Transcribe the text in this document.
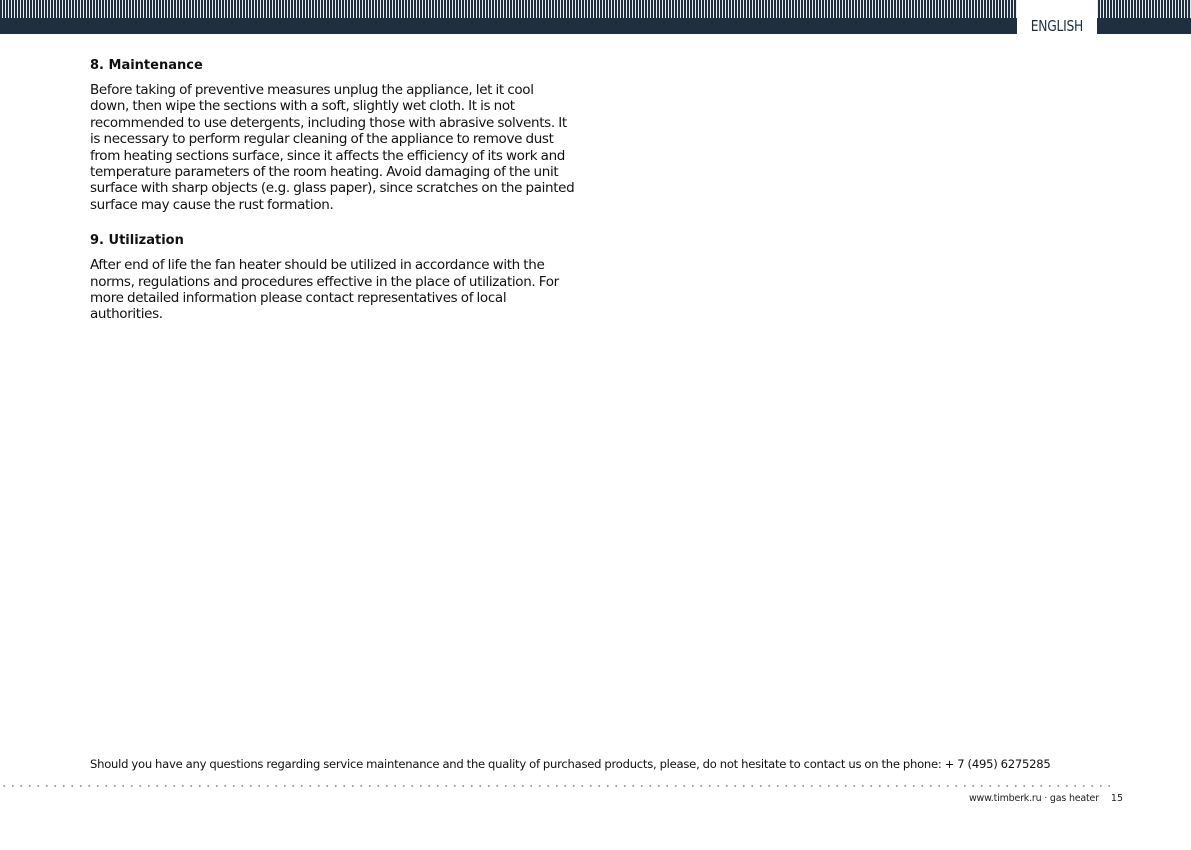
ENGLISH
8. Maintenance

Before taking of preventive measures unplug the appliance, let it cool down, then wipe the sections with a soft, slightly wet cloth. It is not recommended to use detergents, including those with abrasive solvents. It is necessary to perform regular cleaning of the appliance to remove dust from heating sections surface, since it affects the efficiency of its work and temperature parameters of the room heating. Avoid damaging of the unit surface with sharp objects (e.g. glass paper), since scratches on the painted surface may cause the rust formation.

9. Utilization

After end of life the fan heater should be utilized in accordance with the norms, regulations and procedures effective in the place of utilization. For more detailed information please contact representatives of local authorities.

Should you have any questions regarding service maintenance and the quality of purchased products, please, do not hesitate to contact us on the phone: + 7 (495) 6275285
www.timberk.ru · gas heater 15
